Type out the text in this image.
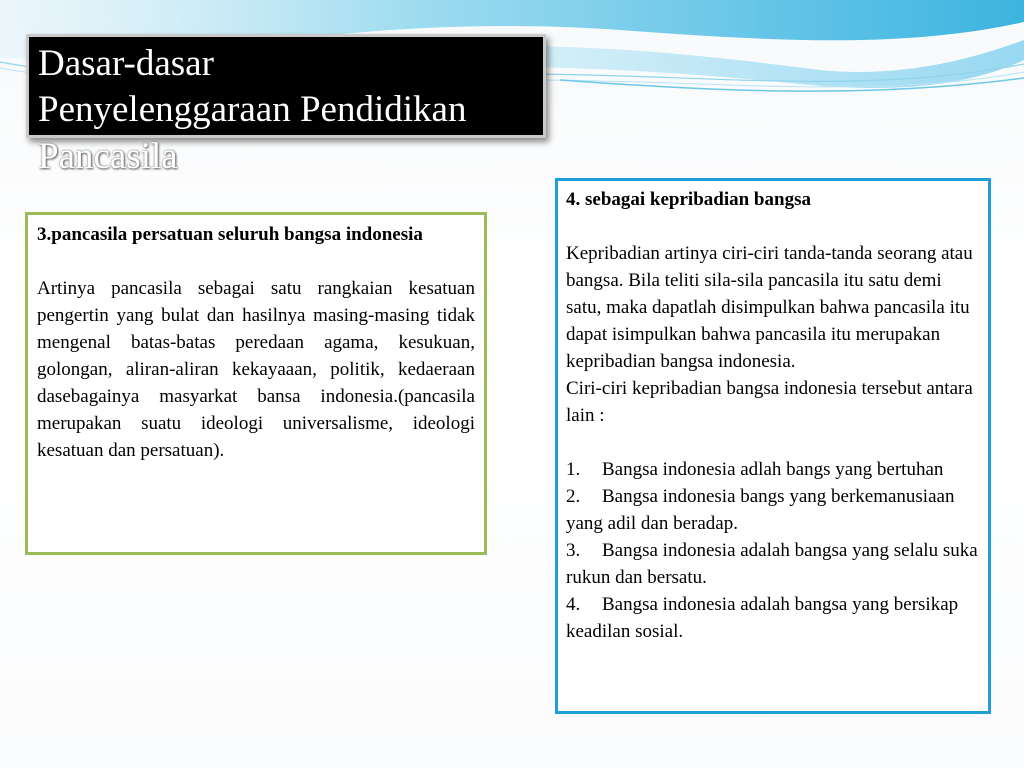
Dasar-dasar
Penyelenggaraan Pendidikan
Pancasila

3.pancasila persatuan seluruh bangsa indonesia

Artinya pancasila sebagai satu rangkaian kesatuan pengertin yang bulat dan hasilnya masing-masing tidak mengenal batas-batas peredaan agama, kesukuan, golongan, aliran-aliran kekayaaan, politik, kedaeraan dasebagainya masyarkat bansa indonesia.(pancasila merupakan suatu ideologi universalisme, ideologi kesatuan dan persatuan).

4. sebagai kepribadian bangsa

Kepribadian artinya ciri-ciri tanda-tanda seorang atau bangsa. Bila teliti sila-sila pancasila itu satu demi satu, maka dapatlah disimpulkan bahwa pancasila itu dapat isimpulkan bahwa pancasila itu merupakan kepribadian bangsa indonesia.

Ciri-ciri kepribadian bangsa indonesia tersebut antara lain :

1. Bangsa indonesia adlah bangs yang bertuhan

2. Bangsa indonesia bangs yang berkemanusiaan yang adil dan beradap.

3. Bangsa indonesia adalah bangsa yang selalu suka rukun dan bersatu.

4. Bangsa indonesia adalah bangsa yang bersikap keadilan sosial.
